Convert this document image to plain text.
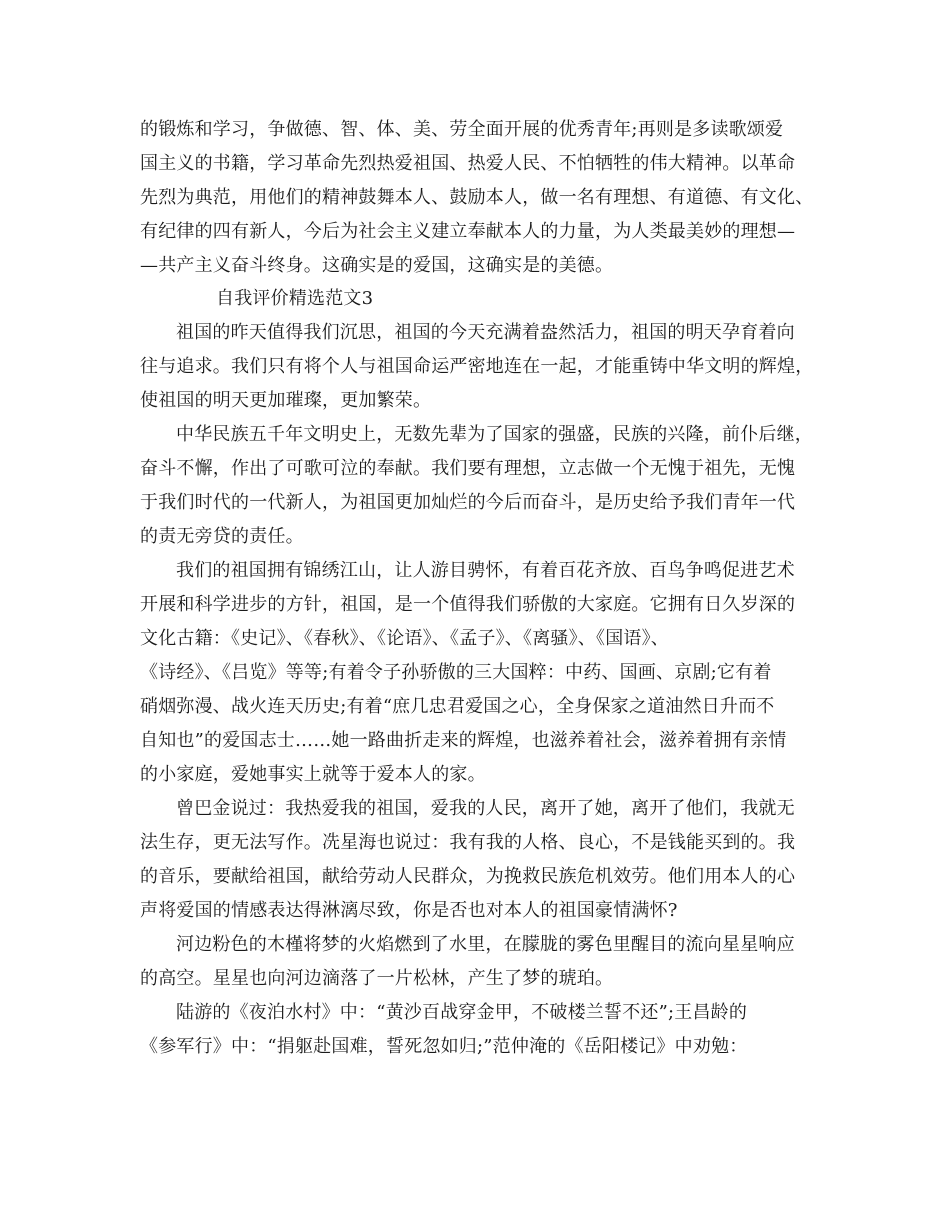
的锻炼和学习，争做德、智、体、美、劳全面开展的优秀青年;再则是多读歌颂爱
国主义的书籍，学习革命先烈热爱祖国、热爱人民、不怕牺牲的伟大精神。以革命
先烈为典范，用他们的精神鼓舞本人、鼓励本人，做一名有理想、有道德、有文化、
有纪律的四有新人，今后为社会主义建立奉献本人的力量，为人类最美妙的理想—
—共产主义奋斗终身。这确实是的爱国，这确实是的美德。
自我评价精选范文3
祖国的昨天值得我们沉思，祖国的今天充满着盎然活力，祖国的明天孕育着向
往与追求。我们只有将个人与祖国命运严密地连在一起，才能重铸中华文明的辉煌，
使祖国的明天更加璀璨，更加繁荣。
中华民族五千年文明史上，无数先辈为了国家的强盛，民族的兴隆，前仆后继，
奋斗不懈，作出了可歌可泣的奉献。我们要有理想，立志做一个无愧于祖先，无愧
于我们时代的一代新人，为祖国更加灿烂的今后而奋斗，是历史给予我们青年一代
的责无旁贷的责任。
我们的祖国拥有锦绣江山，让人游目骋怀，有着百花齐放、百鸟争鸣促进艺术
开展和科学进步的方针，祖国，是一个值得我们骄傲的大家庭。它拥有日久岁深的
文化古籍：《史记》、《春秋》、《论语》、《孟子》、《离骚》、《国语》、
《诗经》、《吕览》等等;有着令子孙骄傲的三大国粹：中药、国画、京剧;它有着
硝烟弥漫、战火连天历史;有着“庶几忠君爱国之心，全身保家之道油然日升而不
自知也”的爱国志士……她一路曲折走来的辉煌，也滋养着社会，滋养着拥有亲情
的小家庭，爱她事实上就等于爱本人的家。
曾巴金说过：我热爱我的祖国，爱我的人民，离开了她，离开了他们，我就无
法生存，更无法写作。冼星海也说过：我有我的人格、良心，不是钱能买到的。我
的音乐，要献给祖国，献给劳动人民群众，为挽救民族危机效劳。他们用本人的心
声将爱国的情感表达得淋漓尽致，你是否也对本人的祖国豪情满怀?
河边粉色的木槿将梦的火焰燃到了水里，在朦胧的雾色里醒目的流向星星响应
的高空。星星也向河边滴落了一片松林，产生了梦的琥珀。
陆游的《夜泊水村》中：“黄沙百战穿金甲，不破楼兰誓不还”;王昌龄的
《参军行》中：“捐躯赴国难，誓死忽如归;”范仲淹的《岳阳楼记》中劝勉：
